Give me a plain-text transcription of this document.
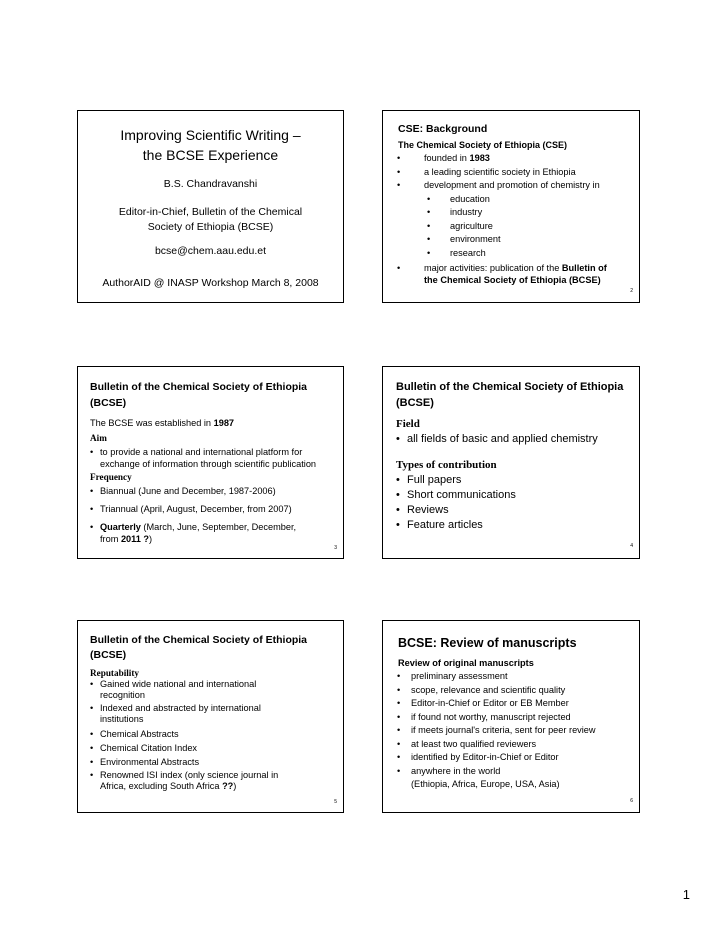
Improving Scientific Writing –
the BCSE Experience
B.S. Chandravanshi
Editor-in-Chief, Bulletin of the Chemical
Society of Ethiopia (BCSE)
bcse@chem.aau.edu.et
AuthorAID @ INASP Workshop March 8, 2008
CSE: Background
The Chemical Society of Ethiopia (CSE)
• founded in 1983
• a leading scientific society in Ethiopia
• development and promotion of chemistry in
• education
• industry
• agriculture
• environment
• research
• major activities: publication of the Bulletin of
the Chemical Society of Ethiopia (BCSE)
2
Bulletin of the Chemical Society of Ethiopia (BCSE)
The BCSE was established in 1987
Aim
• to provide a national and international platform for exchange of information through scientific publication
Frequency
• Biannual (June and December, 1987-2006)
• Triannual (April, August, December, from 2007)
• Quarterly (March, June, September, December,
from 2011 ?)
3
Bulletin of the Chemical Society of Ethiopia (BCSE)
Field
• all fields of basic and applied chemistry
Types of contribution
• Full papers
• Short communications
• Reviews
• Feature articles
4
Bulletin of the Chemical Society of Ethiopia (BCSE)
Reputability
• Gained wide national and international recognition
• Indexed and abstracted by international institutions
• Chemical Abstracts
• Chemical Citation Index
• Environmental Abstracts
• Renowned ISI index (only science journal in Africa, excluding South Africa ??)
5
BCSE: Review of manuscripts
Review of original manuscripts
• preliminary assessment
• scope, relevance and scientific quality
• Editor-in-Chief or Editor or EB Member
• if found not worthy, manuscript rejected
• if meets journal's criteria, sent for peer review
• at least two qualified reviewers
• identified by Editor-in-Chief or Editor
• anywhere in the world
(Ethiopia, Africa, Europe, USA, Asia)
6
1
